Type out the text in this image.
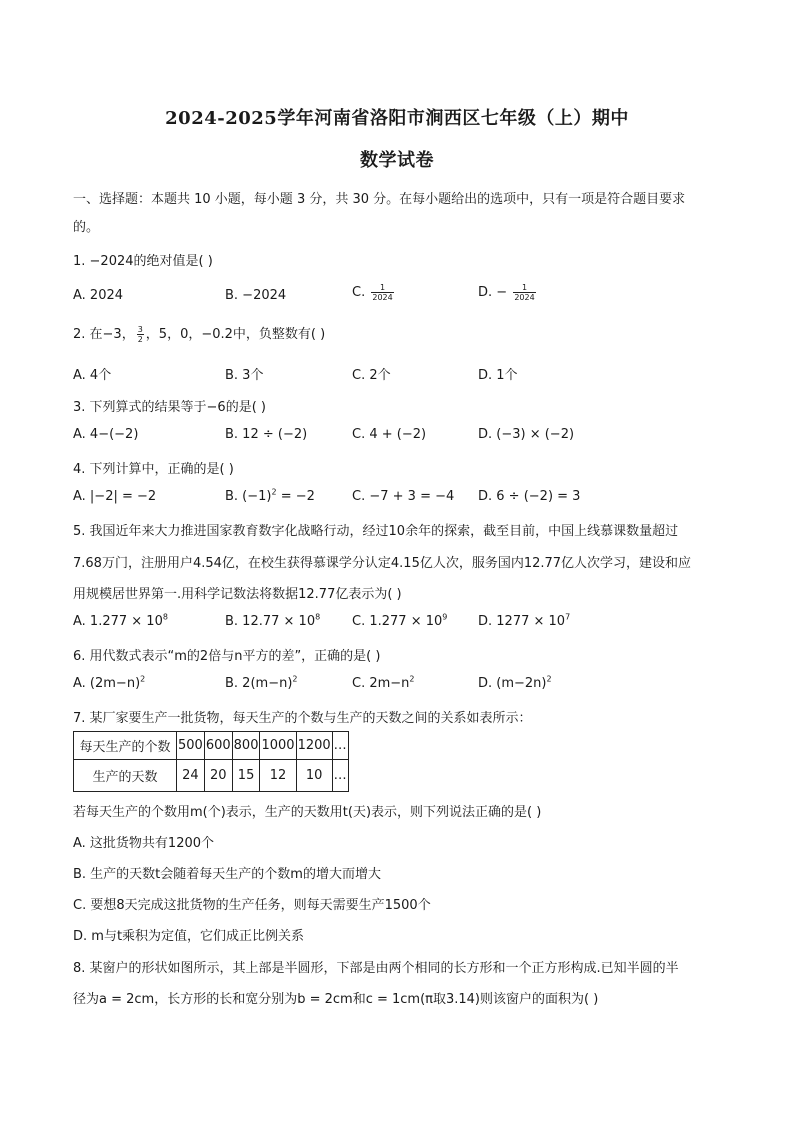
2024-2025学年河南省洛阳市涧西区七年级（上）期中
数学试卷
一、选择题：本题共 10 小题，每小题 3 分，共 30 分。在每小题给出的选项中，只有一项是符合题目要求
的。
1. −2024的绝对值是( )
A. 2024	B. −2024	C. $\frac{1}{2024}$	D. − $\frac{1}{2024}$
2. 在−3， $\frac{3}{2}$ ，5，0，−0.2中，负整数有( )
A. 4个	B. 3个	C. 2个	D. 1个
3. 下列算式的结果等于−6的是( )
A. 4−(−2)	B. 12 ÷ (−2)	C. 4 + (−2)	D. (−3) × (−2)
4. 下列计算中，正确的是( )
A. |−2| = −2	B. $(-1)^2 = -2$	C. −7 + 3 = −4 D. 6 ÷ (−2) = 3
5. 我国近年来大力推进国家教育数字化战略行动，经过10余年的探索，截至目前，中国上线慕课数量超过
7.68万门，注册用户4.54亿，在校生获得慕课学分认定4.15亿人次，服务国内12.77亿人次学习，建设和应
用规模居世界第一.用科学记数法将数据12.77亿表示为( )
A. $1.277 \times 10^8$	B. $12.77 \times 10^8$ C. $1.277 \times 10^9$ D. $1277 \times 10^7$
6. 用代数式表示“m的2倍与n平方的差”，正确的是( )
A. $(2m-n)^2$	B. $2(m-n)^2$	C. $2m-n^2$	D. $(m-2n)^2$
7. 某厂家要生产一批货物，每天生产的个数与生产的天数之间的关系如表所示：
每天生产的个数	500	600	800	1000	1200	…
生产的天数	24	20	15	12	10	…
若每天生产的个数用m(个)表示，生产的天数用t(天)表示，则下列说法正确的是( )
A. 这批货物共有1200个
B. 生产的天数t会随着每天生产的个数m的增大而增大
C. 要想8天完成这批货物的生产任务，则每天需要生产1500个
D. m与t乘积为定值，它们成正比例关系
8. 某窗户的形状如图所示，其上部是半圆形，下部是由两个相同的长方形和一个正方形构成.已知半圆的半
径为a = 2cm，长方形的长和宽分别为b = 2cm和c = 1cm(π取3.14)则该窗户的面积为( )
